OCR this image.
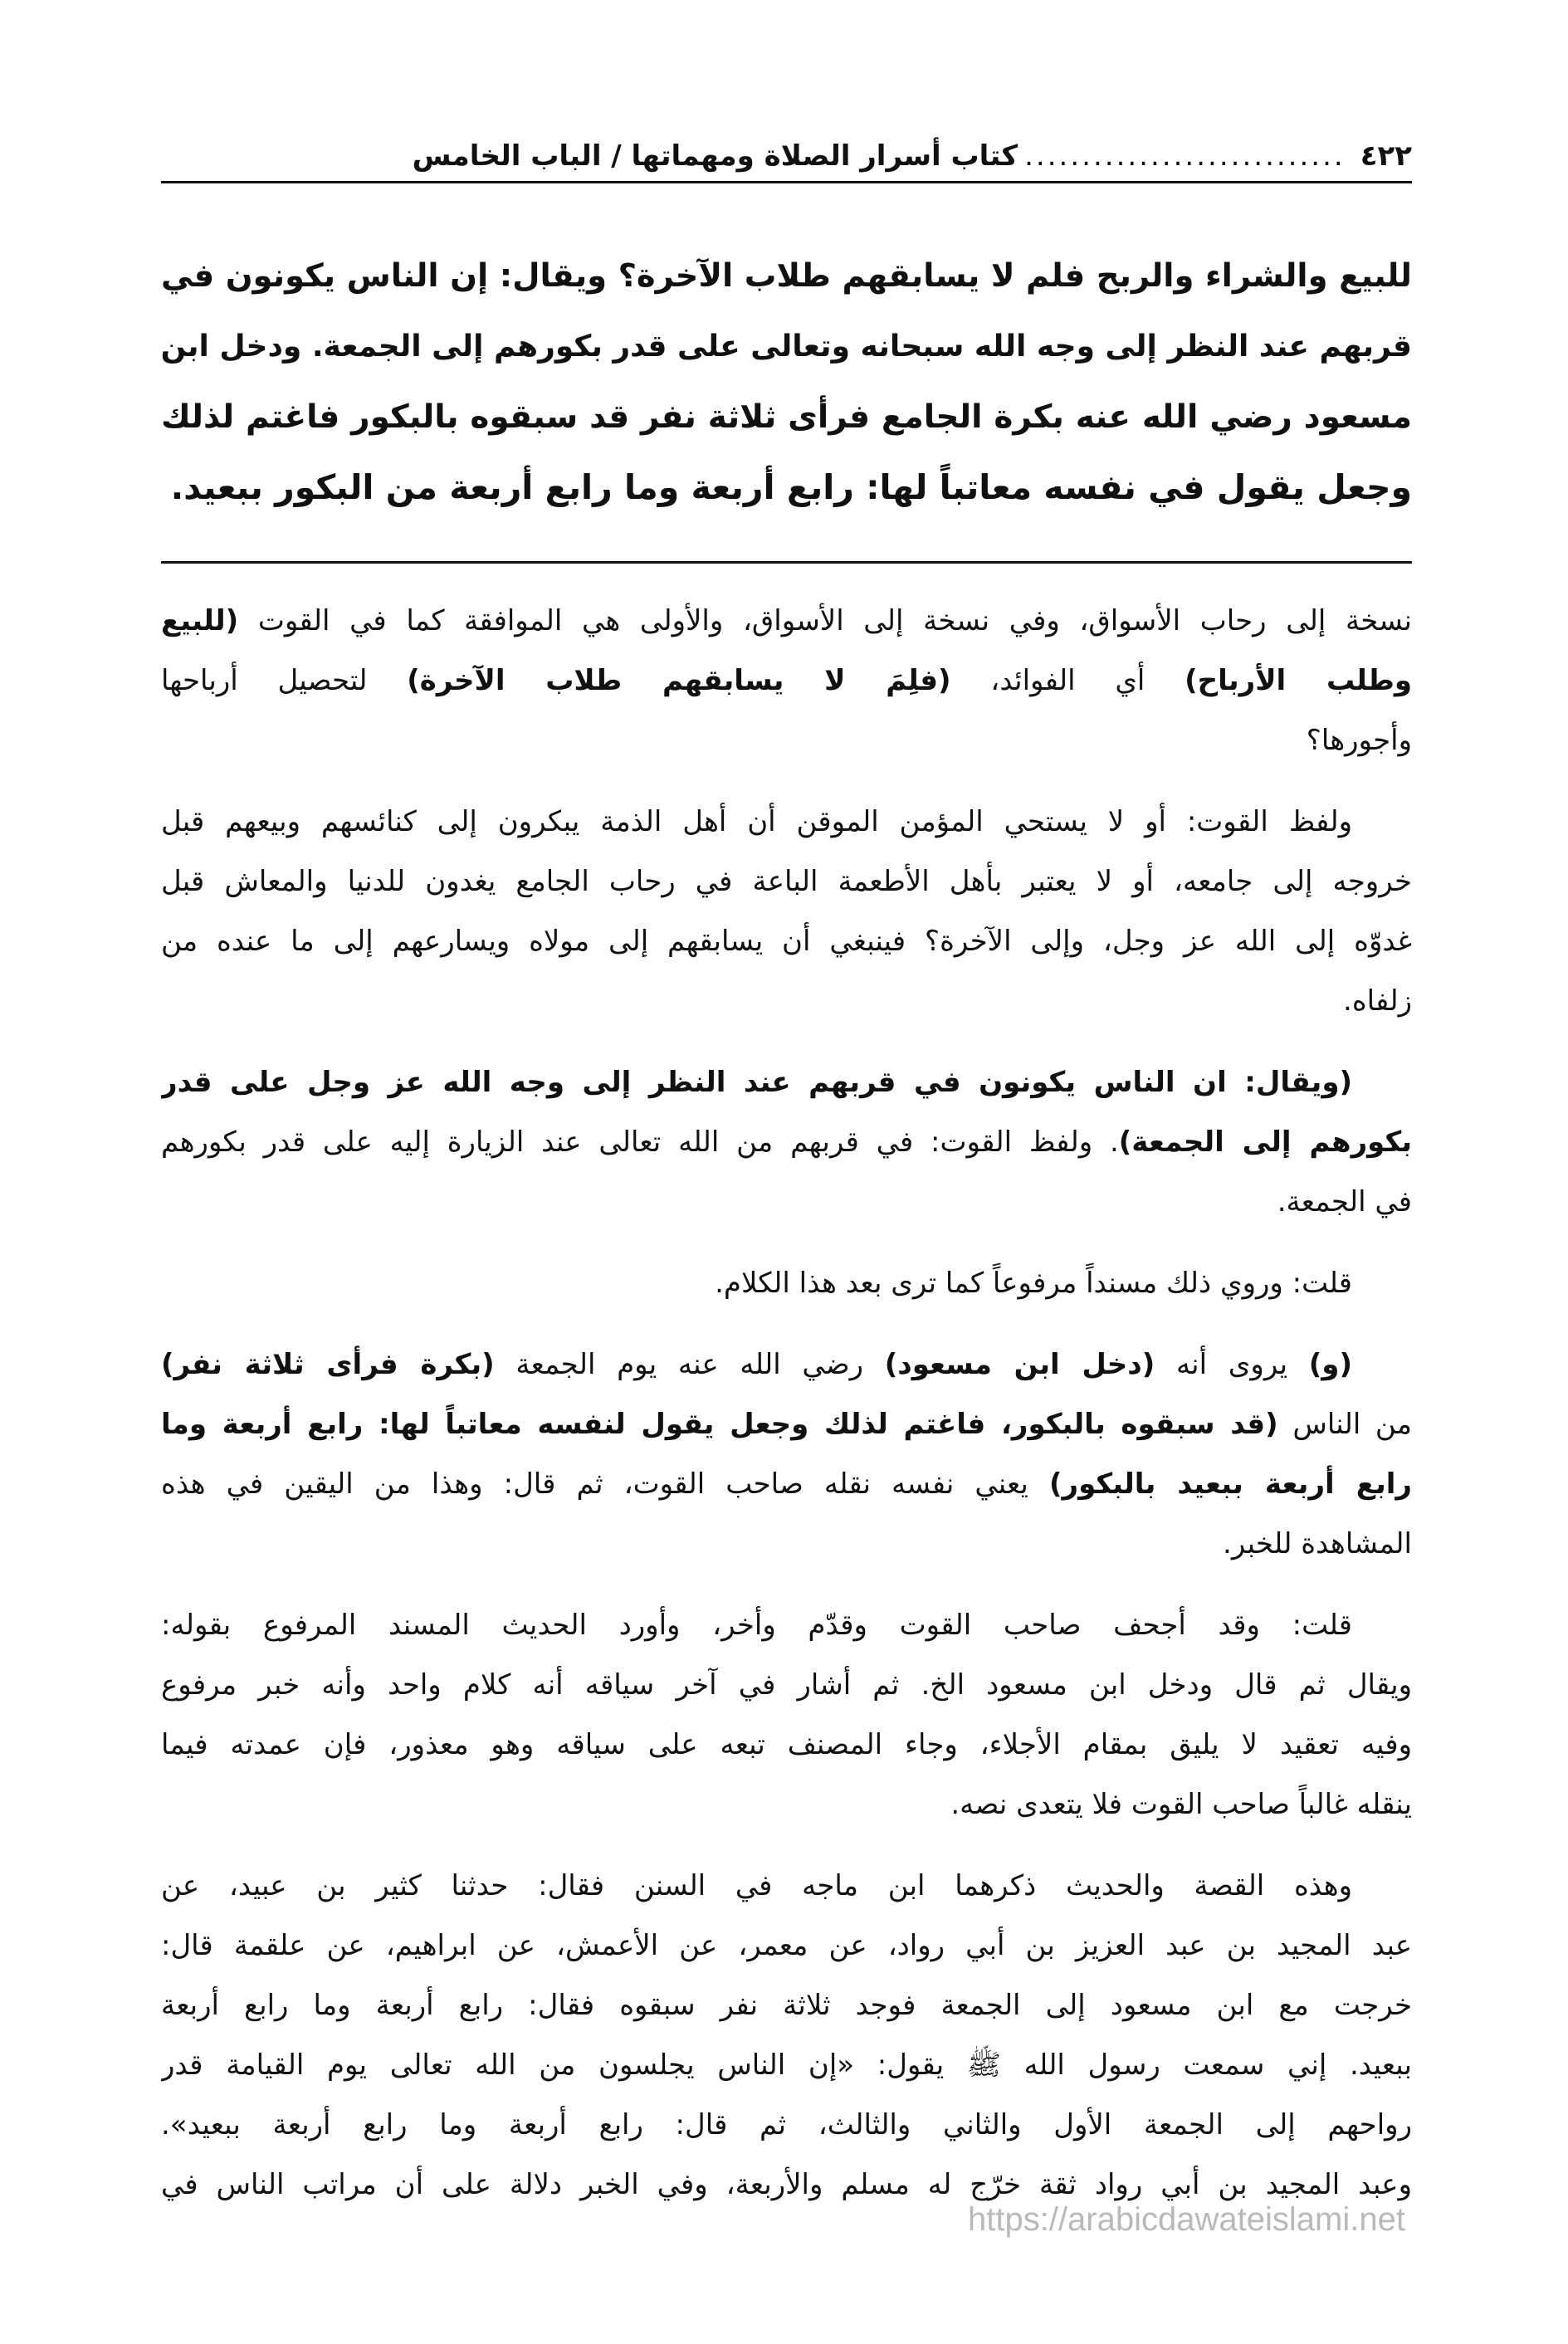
٤٢٢
............................
كتاب أسرار الصلاة ومهماتها / الباب الخامس
للبيع والشراء والربح فلم لا يسابقهم طلاب الآخرة؟ ويقال: إن الناس يكونون في
قربهم عند النظر إلى وجه الله سبحانه وتعالى على قدر بكورهم إلى الجمعة. ودخل ابن
مسعود رضي الله عنه بكرة الجامع فرأى ثلاثة نفر قد سبقوه بالبكور فاغتم لذلك
وجعل يقول في نفسه معاتباً لها: رابع أربعة وما رابع أربعة من البكور ببعيد.
نسخة إلى رحاب الأسواق، وفي نسخة إلى الأسواق، والأولى هي الموافقة كما في القوت (للبيع
وطلب الأرباح) أي الفوائد، (فلِمَ لا يسابقهم طلاب الآخرة) لتحصيل أرباحها
وأجورها؟
ولفظ القوت: أو لا يستحي المؤمن الموقن أن أهل الذمة يبكرون إلى كنائسهم وبيعهم قبل
خروجه إلى جامعه، أو لا يعتبر بأهل الأطعمة الباعة في رحاب الجامع يغدون للدنيا والمعاش قبل
غدوّه إلى الله عز وجل، وإلى الآخرة؟ فينبغي أن يسابقهم إلى مولاه ويسارعهم إلى ما عنده من
زلفاه.
(ويقال: ان الناس يكونون في قربهم عند النظر إلى وجه الله عز وجل على قدر
بكورهم إلى الجمعة). ولفظ القوت: في قربهم من الله تعالى عند الزيارة إليه على قدر بكورهم
في الجمعة.
قلت: وروي ذلك مسنداً مرفوعاً كما ترى بعد هذا الكلام.
(و) يروى أنه (دخل ابن مسعود) رضي الله عنه يوم الجمعة (بكرة فرأى ثلاثة نفر)
من الناس (قد سبقوه بالبكور، فاغتم لذلك وجعل يقول لنفسه معاتباً لها: رابع أربعة وما
رابع أربعة ببعيد بالبكور) يعني نفسه نقله صاحب القوت، ثم قال: وهذا من اليقين في هذه
المشاهدة للخبر.
قلت: وقد أجحف صاحب القوت وقدّم وأخر، وأورد الحديث المسند المرفوع بقوله:
ويقال ثم قال ودخل ابن مسعود الخ. ثم أشار في آخر سياقه أنه كلام واحد وأنه خبر مرفوع
وفيه تعقيد لا يليق بمقام الأجلاء، وجاء المصنف تبعه على سياقه وهو معذور، فإن عمدته فيما
ينقله غالباً صاحب القوت فلا يتعدى نصه.
وهذه القصة والحديث ذكرهما ابن ماجه في السنن فقال: حدثنا كثير بن عبيد، عن
عبد المجيد بن عبد العزيز بن أبي رواد، عن معمر، عن الأعمش، عن ابراهيم، عن علقمة قال:
خرجت مع ابن مسعود إلى الجمعة فوجد ثلاثة نفر سبقوه فقال: رابع أربعة وما رابع أربعة
ببعيد. إني سمعت رسول الله ﷺ يقول: «إن الناس يجلسون من الله تعالى يوم القيامة قدر
رواحهم إلى الجمعة الأول والثاني والثالث، ثم قال: رابع أربعة وما رابع أربعة ببعيد».
وعبد المجيد بن أبي رواد ثقة خرّج له مسلم والأربعة، وفي الخبر دلالة على أن مراتب الناس في
https://arabicdawateislami.net
